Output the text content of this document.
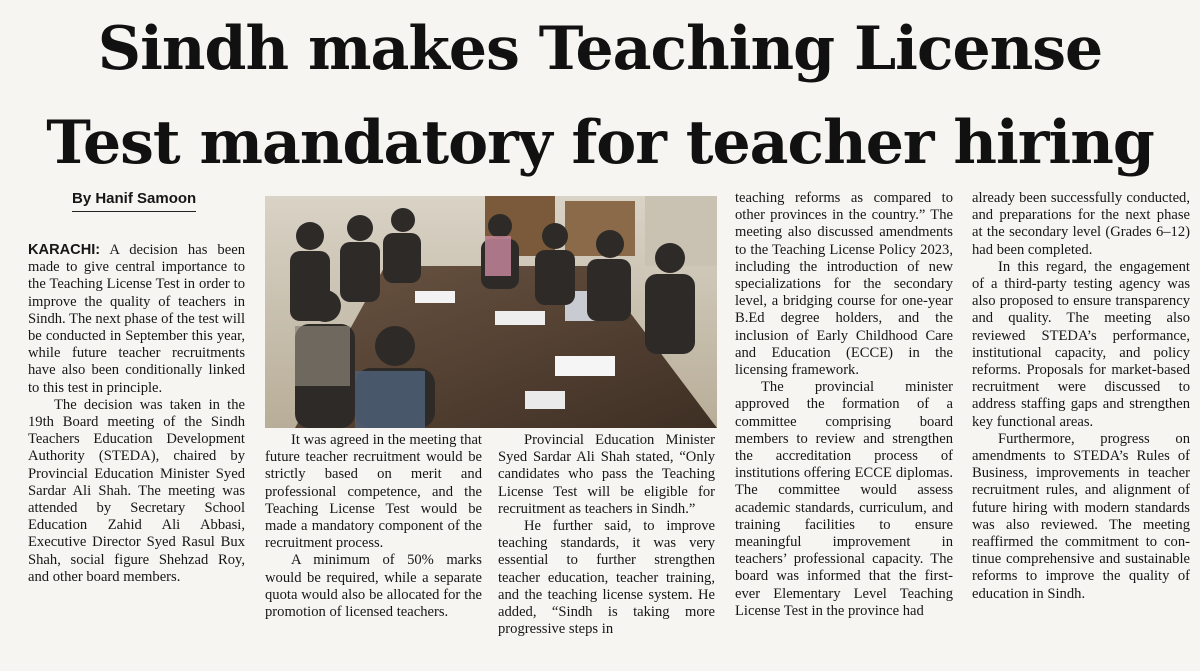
Sindh makes Teaching License
Test mandatory for teacher hiring
By Hanif Samoon

KARACHI: A decision has been made to give central importance to the Teaching License Test in order to improve the quality of teachers in Sindh. The next phase of the test will be conducted in September this year, while future teacher recruitments have also been conditionally linked to this test in principle.

The decision was taken in the 19th Board meeting of the Sindh Teachers Education Development Authority (STEDA), chaired by Provincial Education Minister Syed Sardar Ali Shah. The meeting was attended by Secretary School Education Zahid Ali Abbasi, Executive Director Syed Rasul Bux Shah, social figure Shehzad Roy, and other board members.

It was agreed in the meeting that future teacher recruitment would be strictly based on merit and professional competence, and the Teaching License Test would be made a mandatory component of the recruitment process.

A minimum of 50% marks would be required, while a separate quota would also be allocated for the promotion of licensed teachers.

Provincial Education Minister Syed Sardar Ali Shah stated, “Only candidates who pass the Teaching License Test will be eligible for recruitment as teachers in Sindh.”

He further said, to improve teaching standards, it was very essential to further strengthen teacher education, teacher training, and the teaching license system. He added, “Sindh is taking more progressive steps in

teaching reforms as compared to other provinces in the country.” The meeting also discussed amendments to the Teaching License Policy 2023, including the introduction of new specializations for the secondary level, a bridging course for one-year B.Ed degree holders, and the inclusion of Early Childhood Care and Education (ECCE) in the licensing framework.

The provincial minister approved the formation of a committee comprising board members to review and strengthen the accreditation process of institutions offering ECCE diplomas. The committee would assess academic standards, curriculum, and training facilities to ensure meaningful improvement in teachers’ professional capacity. The board was informed that the first-ever Elementary Level Teaching License Test in the province had

already been successfully conducted, and preparations for the next phase at the secondary level (Grades 6–12) had been completed.

In this regard, the engagement of a third-party testing agency was also proposed to ensure transparency and quality. The meeting also reviewed STEDA’s performance, institutional capacity, and policy reforms. Proposals for market-based recruitment were discussed to address staffing gaps and strengthen key functional areas.

Furthermore, progress on amendments to STEDA’s Rules of Business, improvements in teacher recruitment rules, and alignment of future hiring with modern standards was also reviewed. The meeting reaffirmed the commitment to continue comprehensive and sustainable reforms to improve the quality of education in Sindh.
